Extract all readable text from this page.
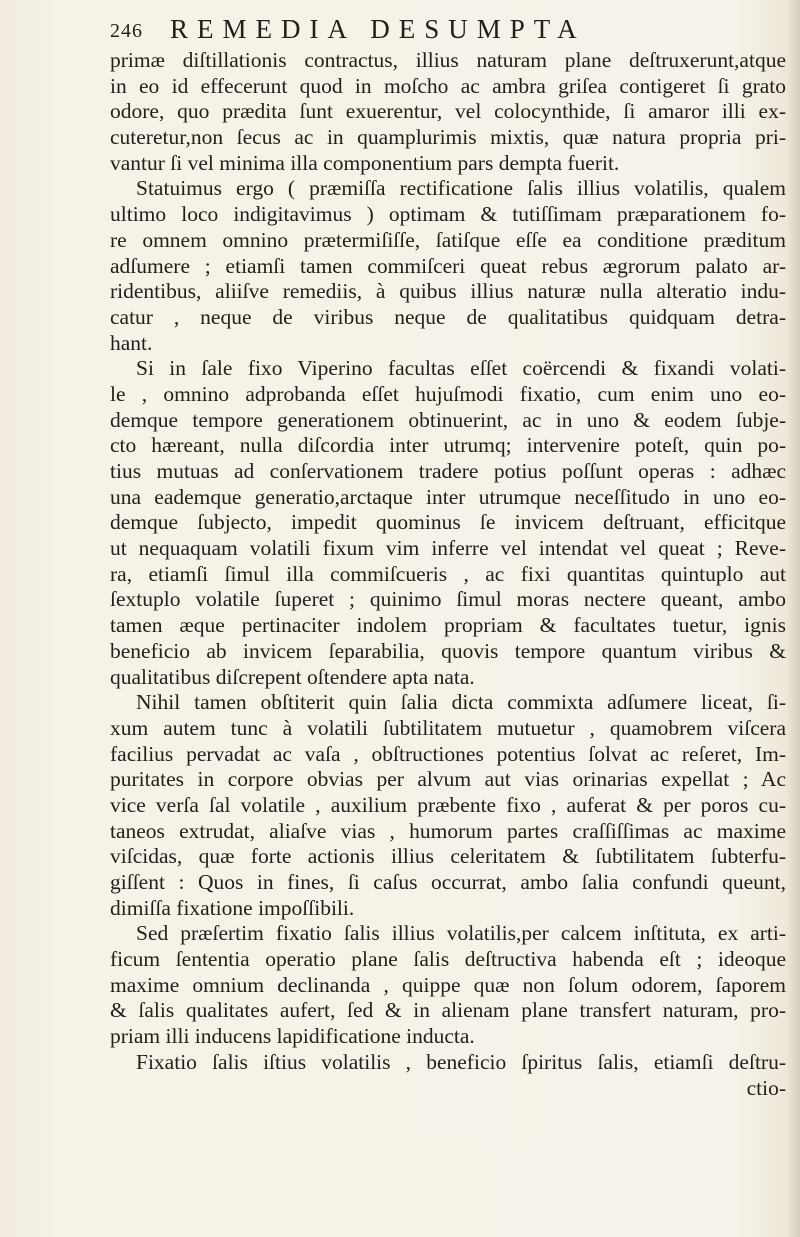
246 REMEDIA DESUMPTA
primæ diſtillationis contractus, illius naturam plane deſtruxerunt,atque
in eo id effecerunt quod in moſcho ac ambra griſea contigeret ſi grato
odore, quo prædita ſunt exuerentur, vel colocynthide, ſi amaror illi ex-
cuteretur,non ſecus ac in quamplurimis mixtis, quæ natura propria pri-
vantur ſi vel minima illa componentium pars dempta fuerit.
Statuimus ergo ( præmiſſa rectificatione ſalis illius volatilis, qualem
ultimo loco indigitavimus ) optimam & tutiſſimam præparationem fo-
re omnem omnino prætermiſiſſe, ſatiſque eſſe ea conditione præditum
adſumere ; etiamſi tamen commiſceri queat rebus ægrorum palato ar-
ridentibus, aliiſve remediis, à quibus illius naturæ nulla alteratio indu-
catur , neque de viribus neque de qualitatibus quidquam detra-
hant.
Si in ſale fixo Viperino facultas eſſet coërcendi & fixandi volati-
le , omnino adprobanda eſſet hujuſmodi fixatio, cum enim uno eo-
demque tempore generationem obtinuerint, ac in uno & eodem ſubje-
cto hæreant, nulla diſcordia inter utrumq; intervenire poteſt, quin po-
tius mutuas ad conſervationem tradere potius poſſunt operas : adhæc
una eademque generatio,arctaque inter utrumque neceſſitudo in uno eo-
demque ſubjecto, impedit quominus ſe invicem deſtruant, efficitque
ut nequaquam volatili fixum vim inferre vel intendat vel queat ; Reve-
ra, etiamſi ſimul illa commiſcueris , ac fixi quantitas quintuplo aut
ſextuplo volatile ſuperet ; quinimo ſimul moras nectere queant, ambo
tamen æque pertinaciter indolem propriam & facultates tuetur, ignis
beneficio ab invicem ſeparabilia, quovis tempore quantum viribus &
qualitatibus diſcrepent oſtendere apta nata.
Nihil tamen obſtiterit quin ſalia dicta commixta adſumere liceat, ſi-
xum autem tunc à volatili ſubtilitatem mutuetur , quamobrem viſcera
facilius pervadat ac vaſa , obſtructiones potentius ſolvat ac reſeret, Im-
puritates in corpore obvias per alvum aut vias orinarias expellat ; Ac
vice verſa ſal volatile , auxilium præbente fixo , auferat & per poros cu-
taneos extrudat, aliaſve vias , humorum partes craſſiſſimas ac maxime
viſcidas, quæ forte actionis illius celeritatem & ſubtilitatem ſubterfu-
giſſent : Quos in fines, ſi caſus occurrat, ambo ſalia confundi queunt,
dimiſſa fixatione impoſſibili.
Sed præſertim fixatio ſalis illius volatilis,per calcem inſtituta, ex arti-
ficum ſententia operatio plane ſalis deſtructiva habenda eſt ; ideoque
maxime omnium declinanda , quippe quæ non ſolum odorem, ſaporem
& ſalis qualitates aufert, ſed & in alienam plane transfert naturam, pro-
priam illi inducens lapidificatione inducta.
Fixatio ſalis iſtius volatilis , beneficio ſpiritus ſalis, etiamſi deſtru-
ctio-
